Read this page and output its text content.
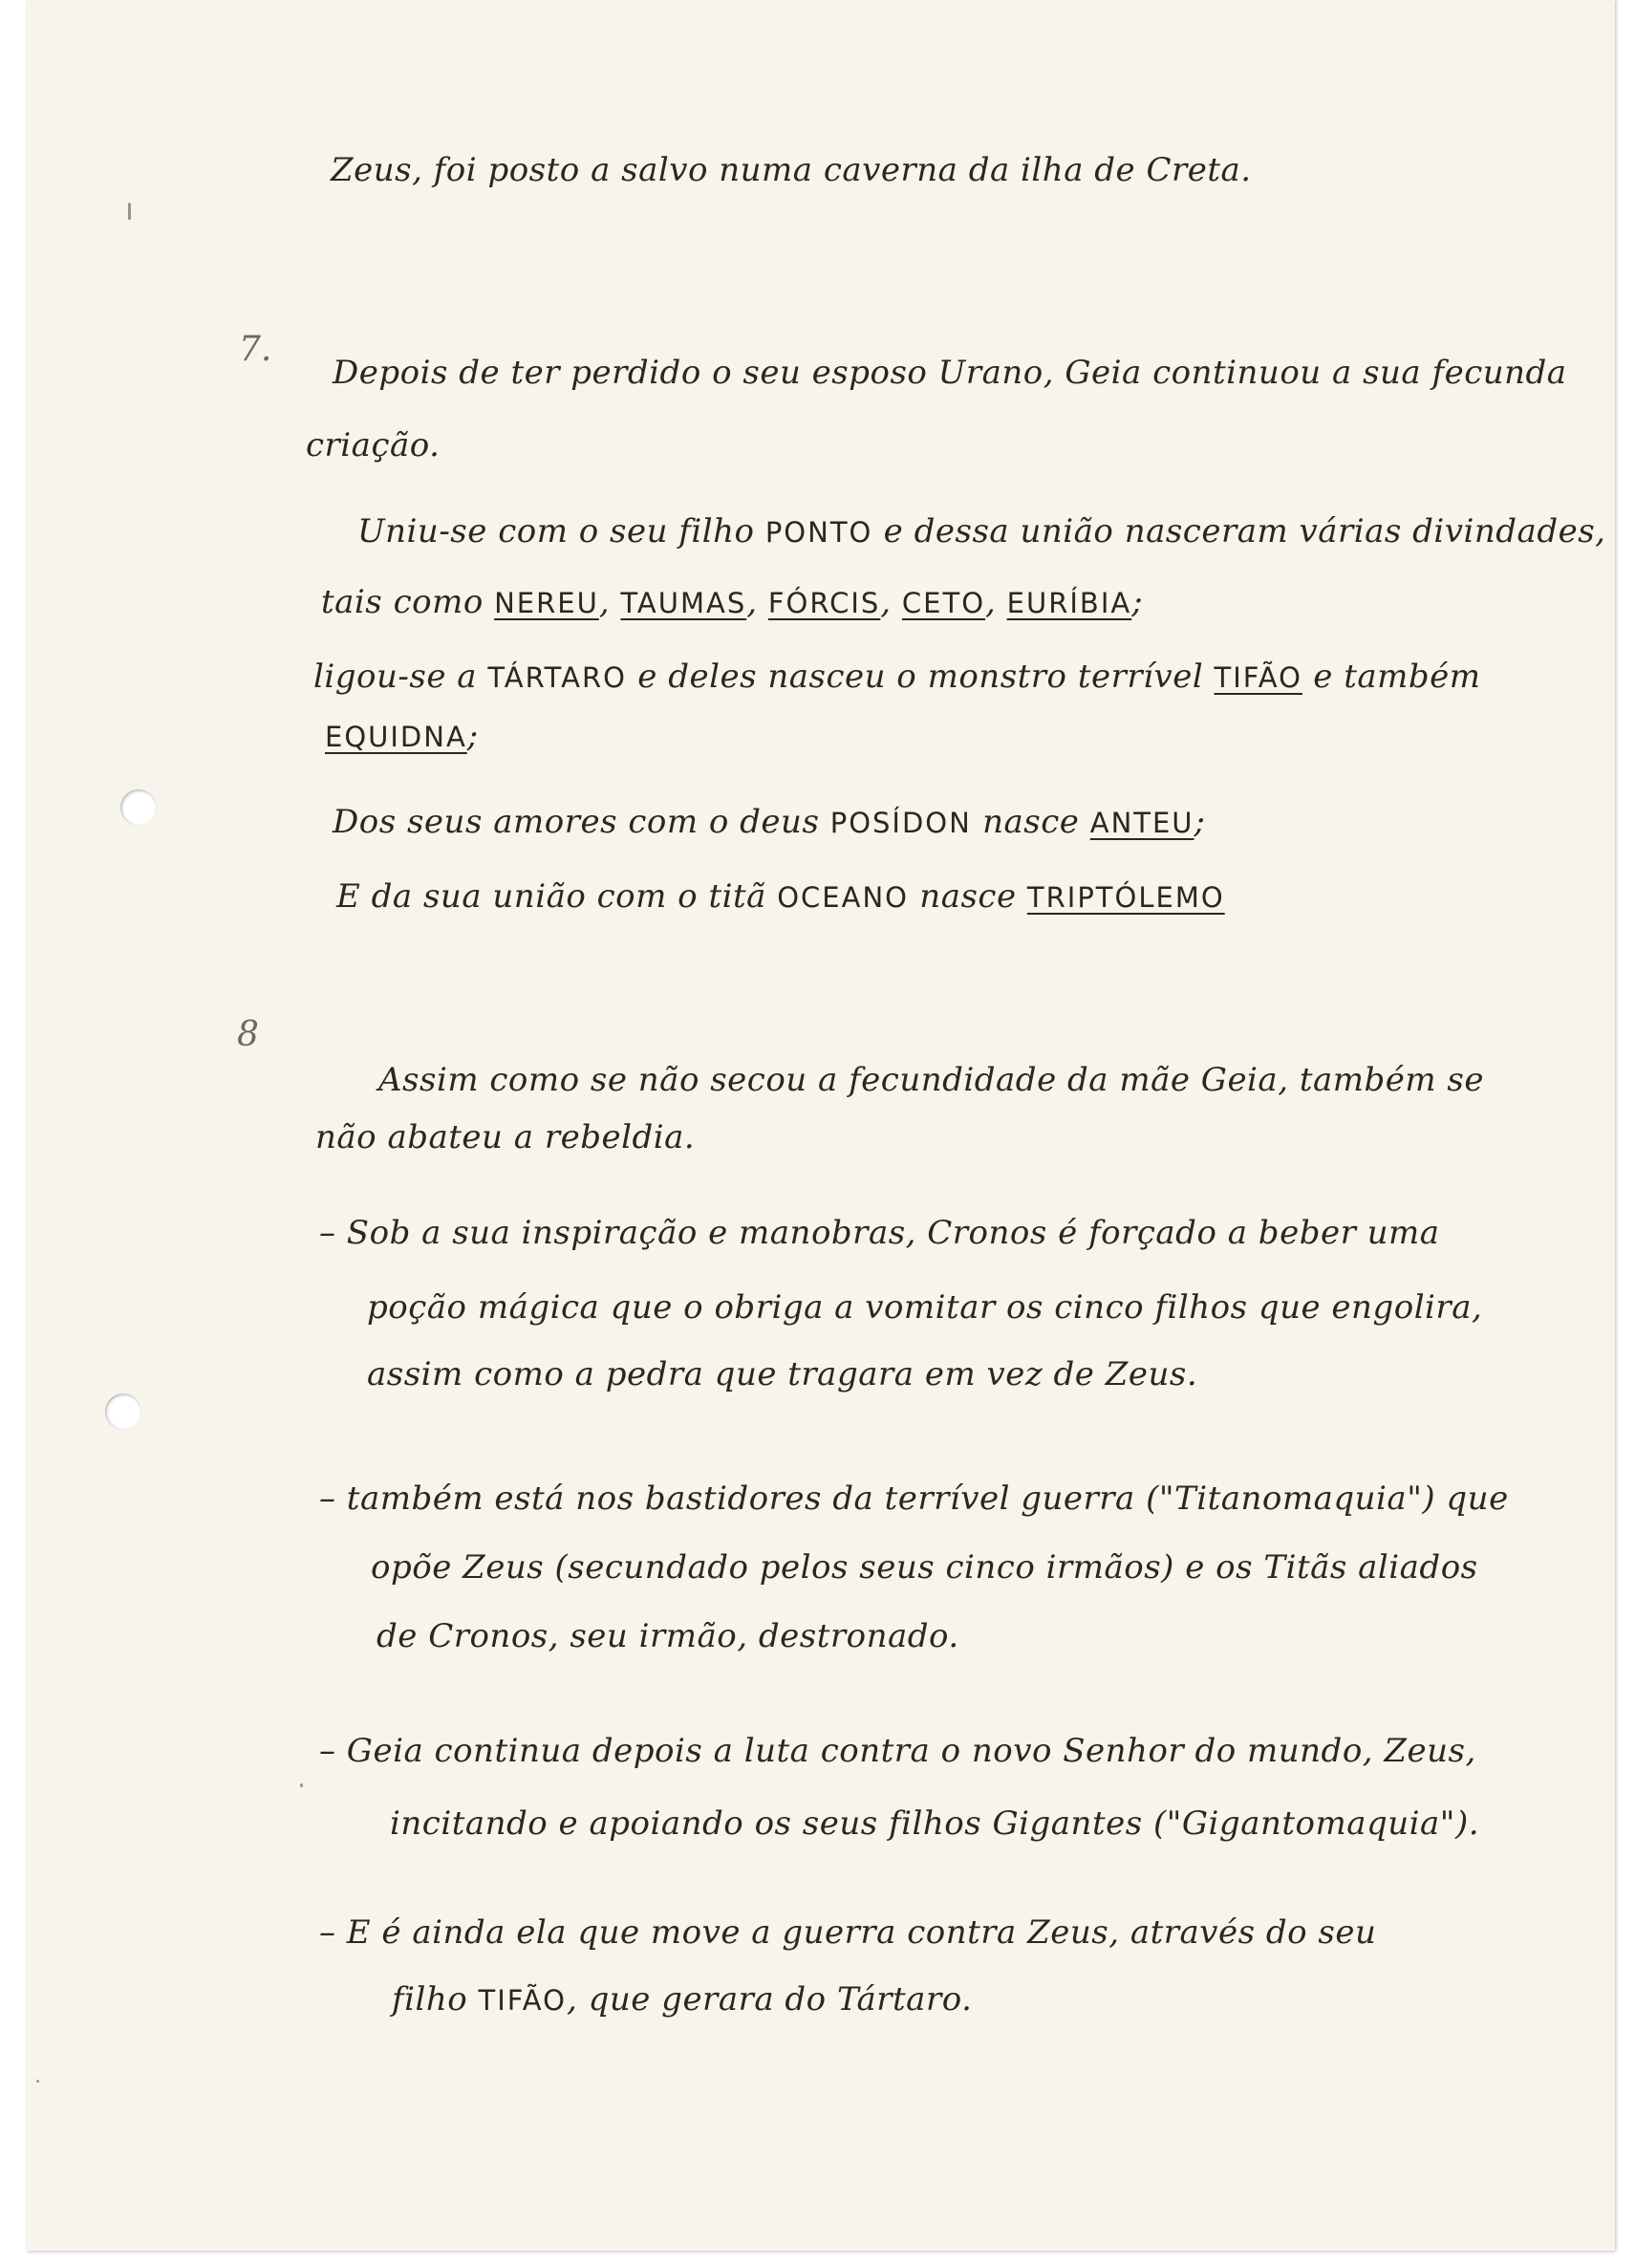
Zeus, foi posto a salvo numa caverna da ilha de Creta.
7.
Depois de ter perdido o seu esposo Urano, Geia continuou a sua fecunda
criação.
Uniu-se com o seu filho PONTO e dessa união nasceram várias divindades,
tais como NEREU, TAUMAS, FÓRCIS, CETO, EURÍBIA;
ligou-se a TÁRTARO e deles nasceu o monstro terrível TIFÃO e também
EQUIDNA;
Dos seus amores com o deus POSÍDON nasce ANTEU;
E da sua união com o titã OCEANO nasce TRIPTÓLEMO
8
Assim como se não secou a fecundidade da mãe Geia, também se
não abateu a rebeldia.
– Sob a sua inspiração e manobras, Cronos é forçado a beber uma
poção mágica que o obriga a vomitar os cinco filhos que engolira,
assim como a pedra que tragara em vez de Zeus.
– também está nos bastidores da terrível guerra ("Titanomaquia") que
opõe Zeus (secundado pelos seus cinco irmãos) e os Titãs aliados
de Cronos, seu irmão, destronado.
– Geia continua depois a luta contra o novo Senhor do mundo, Zeus,
incitando e apoiando os seus filhos Gigantes ("Gigantomaquia").
– E é ainda ela que move a guerra contra Zeus, através do seu
filho TIFÃO, que gerara do Tártaro.
